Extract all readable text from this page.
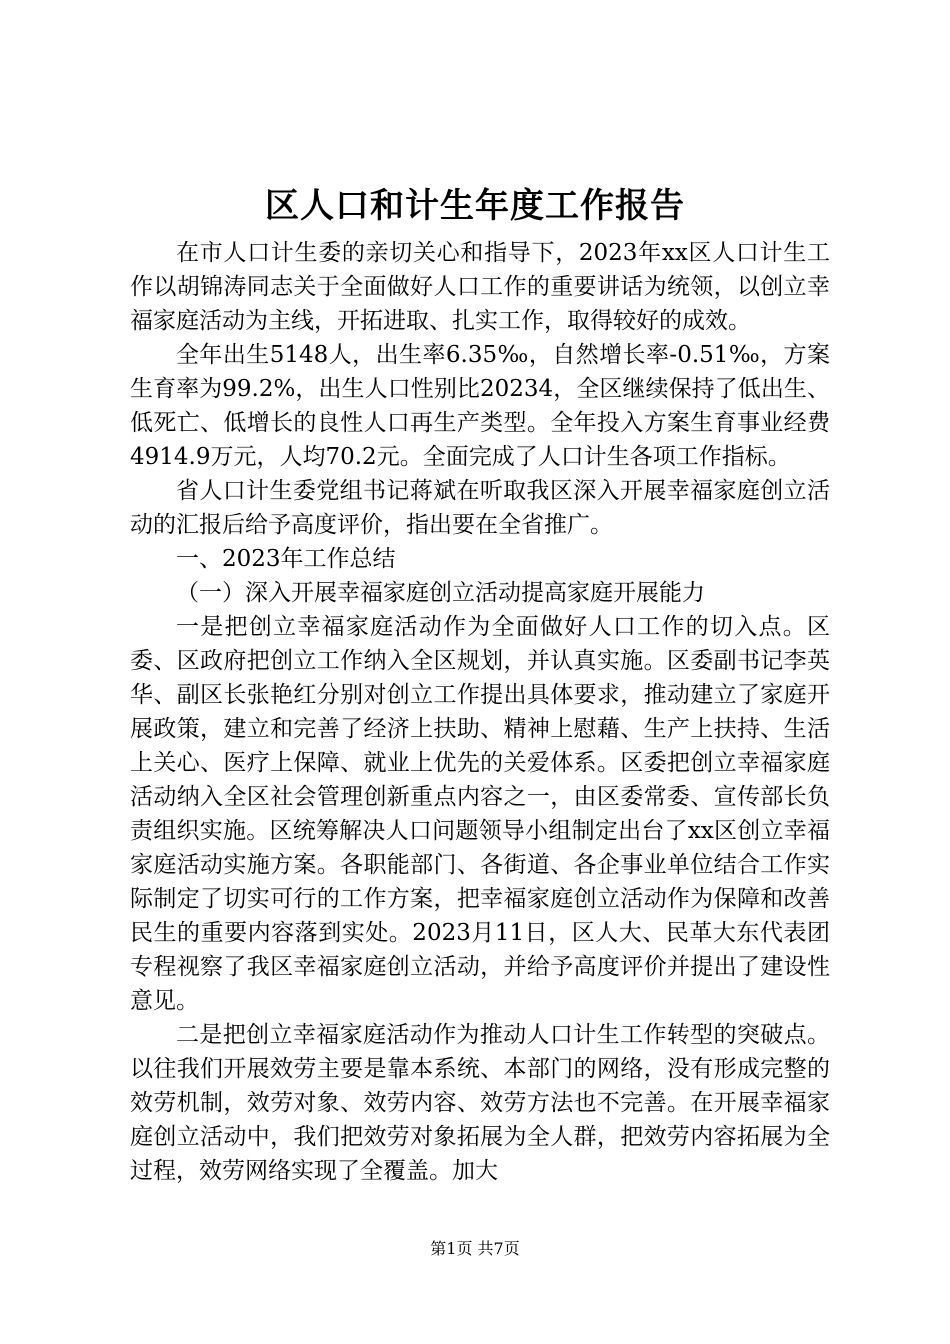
区人口和计生年度工作报告

在市人口计生委的亲切关心和指导下，2023年xx区人口计生工作以胡锦涛同志关于全面做好人口工作的重要讲话为统领，以创立幸福家庭活动为主线，开拓进取、扎实工作，取得较好的成效。

全年出生5148人，出生率6.35‰，自然增长率-0.51‰，方案生育率为99.2%，出生人口性别比20234，全区继续保持了低出生、低死亡、低增长的良性人口再生产类型。全年投入方案生育事业经费4914.9万元，人均70.2元。全面完成了人口计生各项工作指标。

省人口计生委党组书记蒋斌在听取我区深入开展幸福家庭创立活动的汇报后给予高度评价，指出要在全省推广。

一、2023年工作总结

（一）深入开展幸福家庭创立活动提高家庭开展能力

一是把创立幸福家庭活动作为全面做好人口工作的切入点。区委、区政府把创立工作纳入全区规划，并认真实施。区委副书记李英华、副区长张艳红分别对创立工作提出具体要求，推动建立了家庭开展政策，建立和完善了经济上扶助、精神上慰藉、生产上扶持、生活上关心、医疗上保障、就业上优先的关爱体系。区委把创立幸福家庭活动纳入全区社会管理创新重点内容之一，由区委常委、宣传部长负责组织实施。区统筹解决人口问题领导小组制定出台了xx区创立幸福家庭活动实施方案。各职能部门、各街道、各企事业单位结合工作实际制定了切实可行的工作方案，把幸福家庭创立活动作为保障和改善民生的重要内容落到实处。2023月11日，区人大、民革大东代表团专程视察了我区幸福家庭创立活动，并给予高度评价并提出了建设性意见。

二是把创立幸福家庭活动作为推动人口计生工作转型的突破点。以往我们开展效劳主要是靠本系统、本部门的网络，没有形成完整的效劳机制，效劳对象、效劳内容、效劳方法也不完善。在开展幸福家庭创立活动中，我们把效劳对象拓展为全人群，把效劳内容拓展为全过程，效劳网络实现了全覆盖。加大

第1页 共7页
